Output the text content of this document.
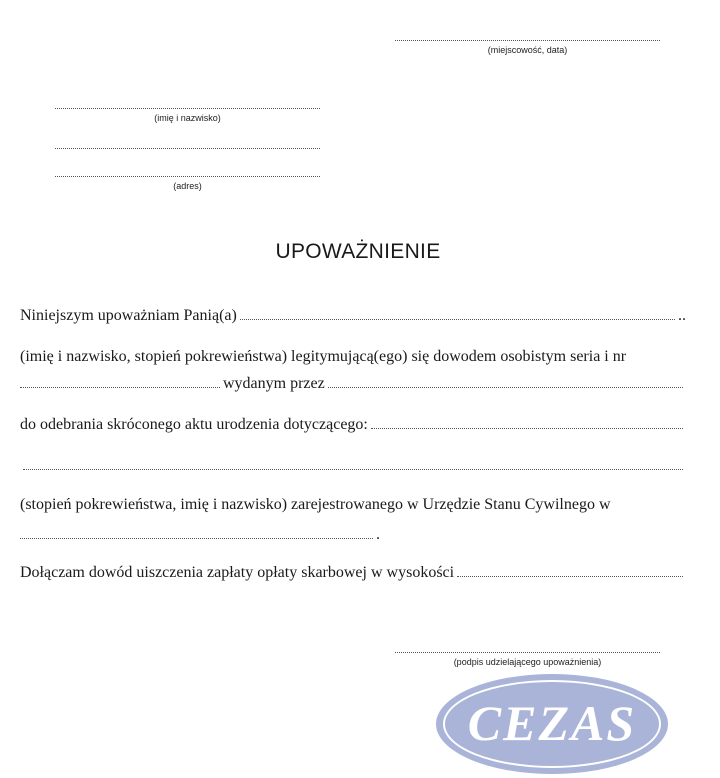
(miejscowość, data)
(imię i nazwisko)
(adres)
UPOWAŻNIENIE
Niniejszym upoważniam Panią(a)	..
(imię i nazwisko, stopień pokrewieństwa) legitymującą(ego) się dowodem osobistym seria i nr
wydanym przez
do odebrania skróconego aktu urodzenia dotyczącego:
(stopień pokrewieństwa, imię i nazwisko) zarejestrowanego w Urzędzie Stanu Cywilnego w
.
Dołączam dowód uiszczenia zapłaty opłaty skarbowej w wysokości
(podpis udzielającego upoważnienia)
CEZAS
